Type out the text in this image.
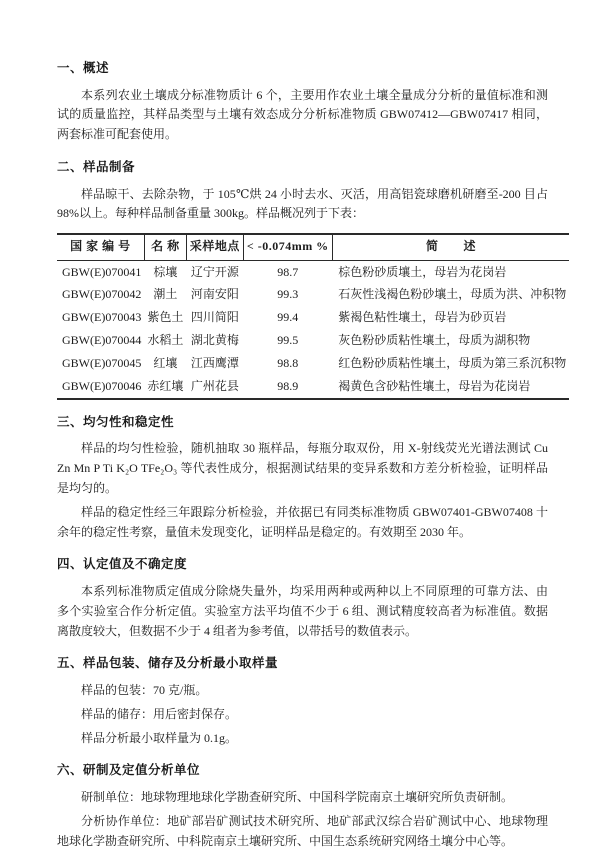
一、概述

本系列农业土壤成分标准物质计 6 个，主要用作农业土壤全量成分分析的量值标准和测试的质量监控，其样品类型与土壤有效态成分分析标准物质 GBW07412—GBW07417 相同，两套标准可配套使用。

二、样品制备

样品晾干、去除杂物，于 105℃烘 24 小时去水、灭活，用高铝瓷球磨机研磨至-200 目占 98%以上。每种样品制备重量 300kg。样品概况列于下表：

国 家 编 号	名 称	采样地点	< -0.074mm %	简　　述
GBW(E)070041	棕壤	辽宁开源	98.7	棕色粉砂质壤土，母岩为花岗岩
GBW(E)070042	潮土	河南安阳	99.3	石灰性浅褐色粉砂壤土，母质为洪、冲积物
GBW(E)070043	紫色土	四川简阳	99.4	紫褐色粘性壤土，母岩为砂页岩
GBW(E)070044	水稻土	湖北黄梅	99.5	灰色粉砂质粘性壤土，母质为湖积物
GBW(E)070045	红壤	江西鹰潭	98.8	红色粉砂质粘性壤土，母质为第三系沉积物
GBW(E)070046	赤红壤	广州花县	98.9	褐黄色含砂粘性壤土，母岩为花岗岩
三、均匀性和稳定性

样品的均匀性检验，随机抽取 30 瓶样品，每瓶分取双份，用 X-射线荧光光谱法测试 Cu Zn Mn P Ti K₂O TFe₂O₃ 等代表性成分，根据测试结果的变异系数和方差分析检验，证明样品是均匀的。

样品的稳定性经三年跟踪分析检验，并依据已有同类标准物质 GBW07401-GBW07408 十余年的稳定性考察，量值未发现变化，证明样品是稳定的。有效期至 2030 年。

四、认定值及不确定度

本系列标准物质定值成分除烧失量外，均采用两种或两种以上不同原理的可靠方法、由多个实验室合作分析定值。实验室方法平均值不少于 6 组、测试精度较高者为标准值。数据离散度较大，但数据不少于 4 组者为参考值，以带括号的数值表示。

五、样品包装、储存及分析最小取样量

样品的包装：70 克/瓶。

样品的储存：用后密封保存。

样品分析最小取样量为 0.1g。

六、研制及定值分析单位

研制单位：地球物理地球化学勘查研究所、中国科学院南京土壤研究所负责研制。

分析协作单位：地矿部岩矿测试技术研究所、地矿部武汉综合岩矿测试中心、地球物理地球化学勘查研究所、中科院南京土壤研究所、中国生态系统研究网络土壤分中心等。
